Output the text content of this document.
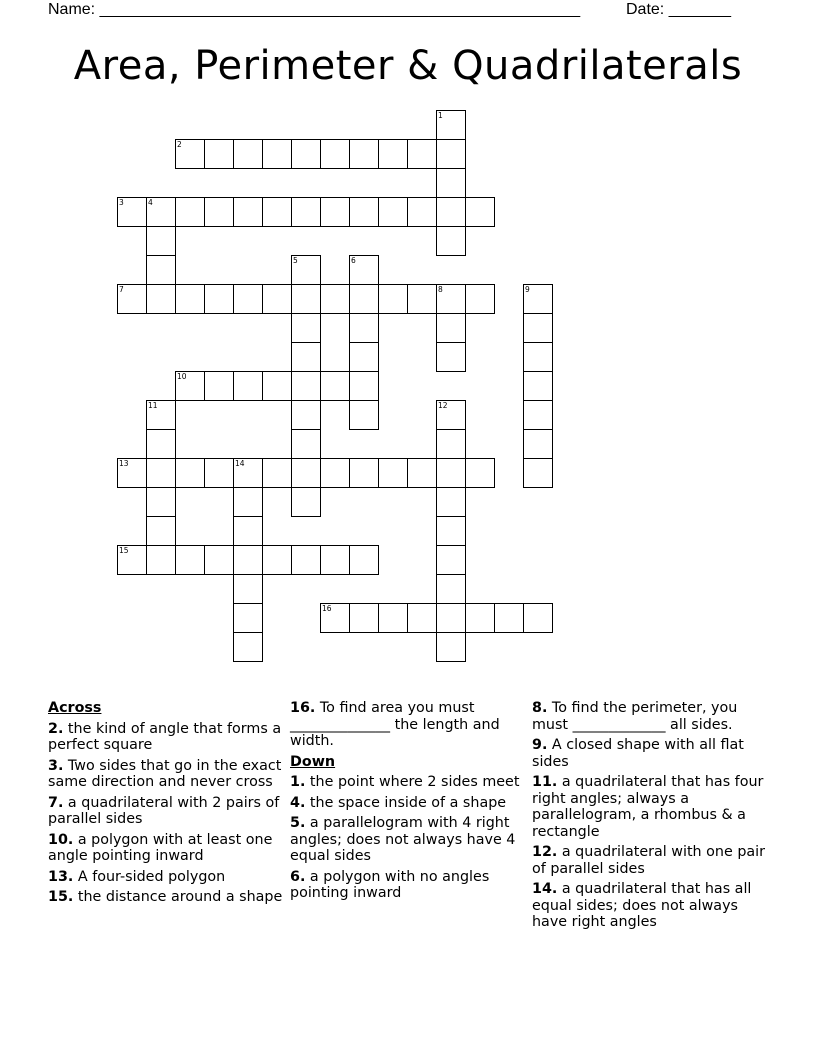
Name: ______________________________________________________	Date: _______
Area, Perimeter & Quadrilaterals
1
2
3	4
5	6
7	8	9
10
11	12
13	14
15
16
Across
2. the kind of angle that forms a perfect square
3. Two sides that go in the exact same direction and never cross
7. a quadrilateral with 2 pairs of parallel sides
10. a polygon with at least one angle pointing inward
13. A four-sided polygon
15. the distance around a shape
16. To find area you must ______________ the length and width.
Down
1. the point where 2 sides meet
4. the space inside of a shape
5. a parallelogram with 4 right angles; does not always have 4 equal sides
6. a polygon with no angles pointing inward
8. To find the perimeter, you must _____________ all sides.
9. A closed shape with all flat sides
11. a quadrilateral that has four right angles; always a parallelogram, a rhombus & a rectangle
12. a quadrilateral with one pair of parallel sides
14. a quadrilateral that has all equal sides; does not always have right angles
